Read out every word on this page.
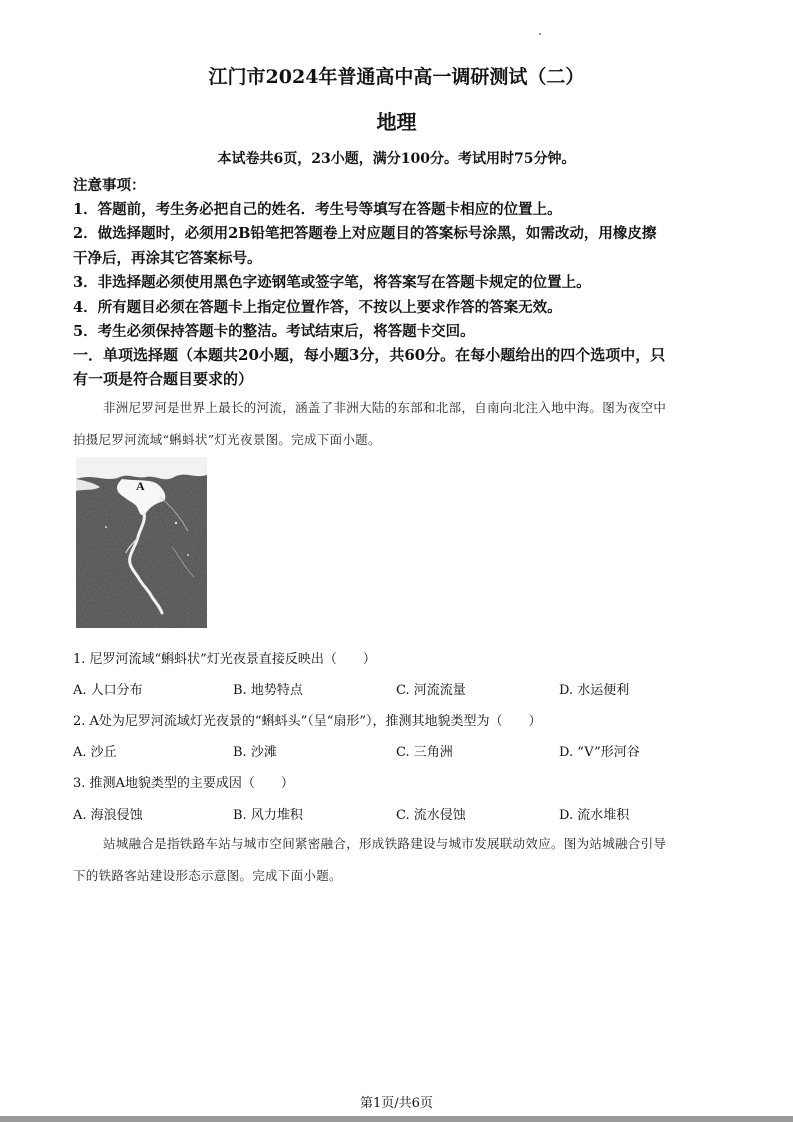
江门市2024年普通高中高一调研测试（二）
地理
本试卷共6页，23小题，满分100分。考试用时75分钟。
注意事项：
1．答题前，考生务必把自己的姓名．考生号等填写在答题卡相应的位置上。
2．做选择题时，必须用2B铅笔把答题卷上对应题目的答案标号涂黑，如需改动，用橡皮擦
干净后，再涂其它答案标号。
3．非选择题必须使用黑色字迹钢笔或签字笔，将答案写在答题卡规定的位置上。
4．所有题目必须在答题卡上指定位置作答，不按以上要求作答的答案无效。
5．考生必须保持答题卡的整洁。考试结束后，将答题卡交回。
一．单项选择题（本题共20小题，每小题3分，共60分。在每小题给出的四个选项中，只
有一项是符合题目要求的）
非洲尼罗河是世界上最长的河流，涵盖了非洲大陆的东部和北部，自南向北注入地中海。图为夜空中
拍摄尼罗河流域“蝌蚪状”灯光夜景图。完成下面小题。
A
1. 尼罗河流域“蝌蚪状”灯光夜景直接反映出（　　）
A. 人口分布	B. 地势特点	C. 河流流量	D. 水运便利
2. A处为尼罗河流域灯光夜景的“蝌蚪头”（呈“扇形”），推测其地貌类型为（　　）
A. 沙丘	B. 沙滩	C. 三角洲	D. “V”形河谷
3. 推测A地貌类型的主要成因（　　）
A. 海浪侵蚀	B. 风力堆积	C. 流水侵蚀	D. 流水堆积
站城融合是指铁路车站与城市空间紧密融合，形成铁路建设与城市发展联动效应。图为站城融合引导
下的铁路客站建设形态示意图。完成下面小题。
第1页/共6页
